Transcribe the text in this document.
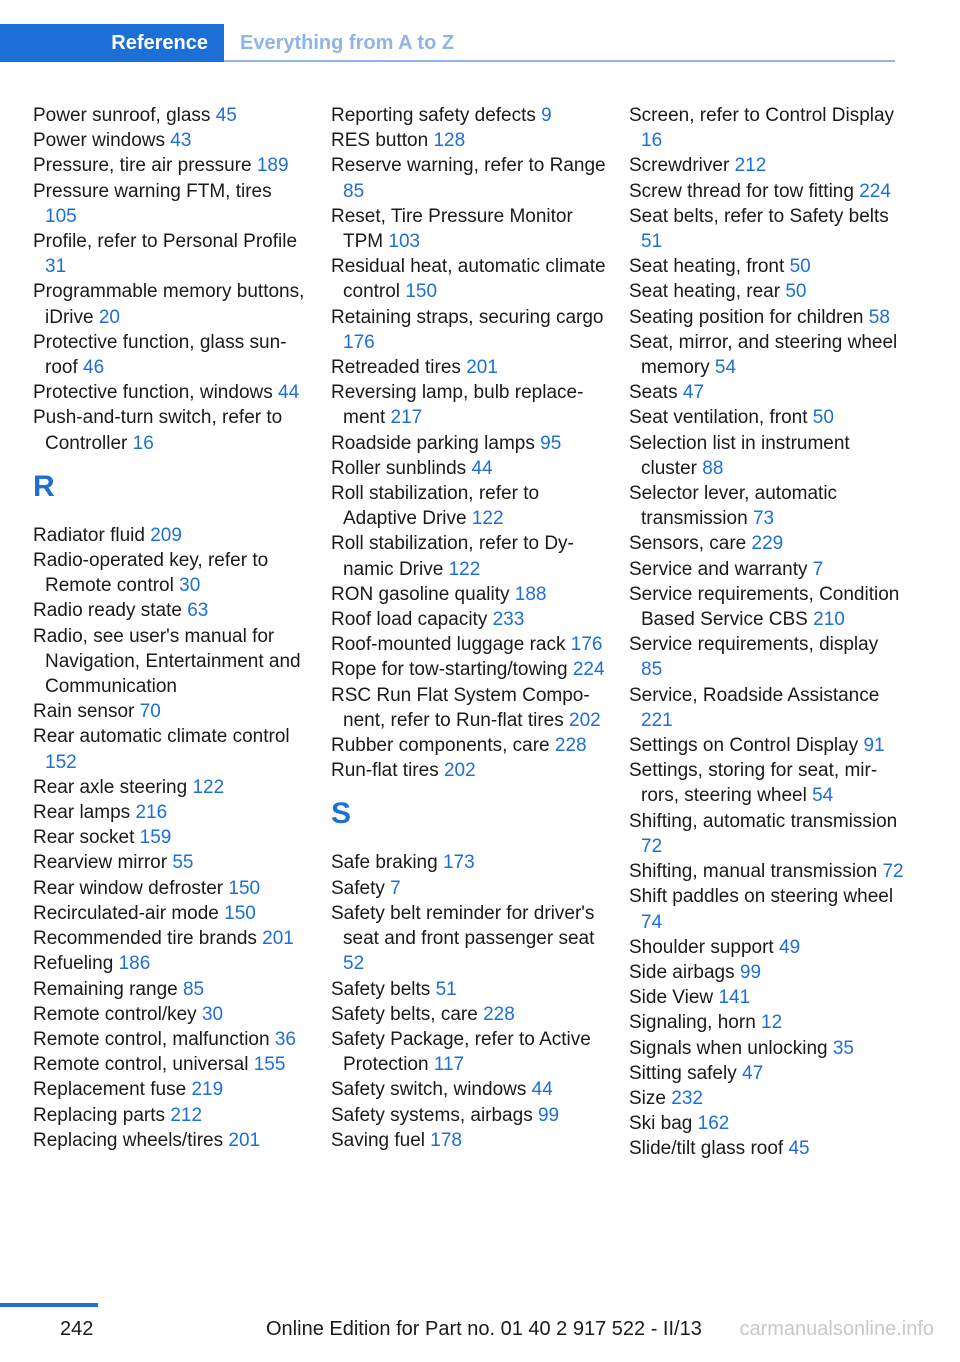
Reference	Everything from A to Z
Power sunroof, glass 45
Power windows 43
Pressure, tire air pressure 189
Pressure warning FTM, tires 105
Profile, refer to Personal Profile 31
Programmable memory buttons, iDrive 20
Protective function, glass sunroof 46
Protective function, windows 44
Push-and-turn switch, refer to Controller 16
R
Radiator fluid 209
Radio-operated key, refer to Remote control 30
Radio ready state 63
Radio, see user's manual for Navigation, Entertainment and Communication
Rain sensor 70
Rear automatic climate control 152
Rear axle steering 122
Rear lamps 216
Rear socket 159
Rearview mirror 55
Rear window defroster 150
Recirculated-air mode 150
Recommended tire brands 201
Refueling 186
Remaining range 85
Remote control/key 30
Remote control, malfunction 36
Remote control, universal 155
Replacement fuse 219
Replacing parts 212
Replacing wheels/tires 201
Reporting safety defects 9
RES button 128
Reserve warning, refer to Range 85
Reset, Tire Pressure Monitor TPM 103
Residual heat, automatic climate control 150
Retaining straps, securing cargo 176
Retreaded tires 201
Reversing lamp, bulb replacement 217
Roadside parking lamps 95
Roller sunblinds 44
Roll stabilization, refer to Adaptive Drive 122
Roll stabilization, refer to Dynamic Drive 122
RON gasoline quality 188
Roof load capacity 233
Roof-mounted luggage rack 176
Rope for tow-starting/towing 224
RSC Run Flat System Component, refer to Run-flat tires 202
Rubber components, care 228
Run-flat tires 202
S
Safe braking 173
Safety 7
Safety belt reminder for driver's seat and front passenger seat 52
Safety belts 51
Safety belts, care 228
Safety Package, refer to Active Protection 117
Safety switch, windows 44
Safety systems, airbags 99
Saving fuel 178
Screen, refer to Control Display 16
Screwdriver 212
Screw thread for tow fitting 224
Seat belts, refer to Safety belts 51
Seat heating, front 50
Seat heating, rear 50
Seating position for children 58
Seat, mirror, and steering wheel memory 54
Seats 47
Seat ventilation, front 50
Selection list in instrument cluster 88
Selector lever, automatic transmission 73
Sensors, care 229
Service and warranty 7
Service requirements, Condition Based Service CBS 210
Service requirements, display 85
Service, Roadside Assistance 221
Settings on Control Display 91
Settings, storing for seat, mirrors, steering wheel 54
Shifting, automatic transmission 72
Shifting, manual transmission 72
Shift paddles on steering wheel 74
Shoulder support 49
Side airbags 99
Side View 141
Signaling, horn 12
Signals when unlocking 35
Sitting safely 47
Size 232
Ski bag 162
Slide/tilt glass roof 45
242	Online Edition for Part no. 01 40 2 917 522 - II/13 carmanualsonline.info
